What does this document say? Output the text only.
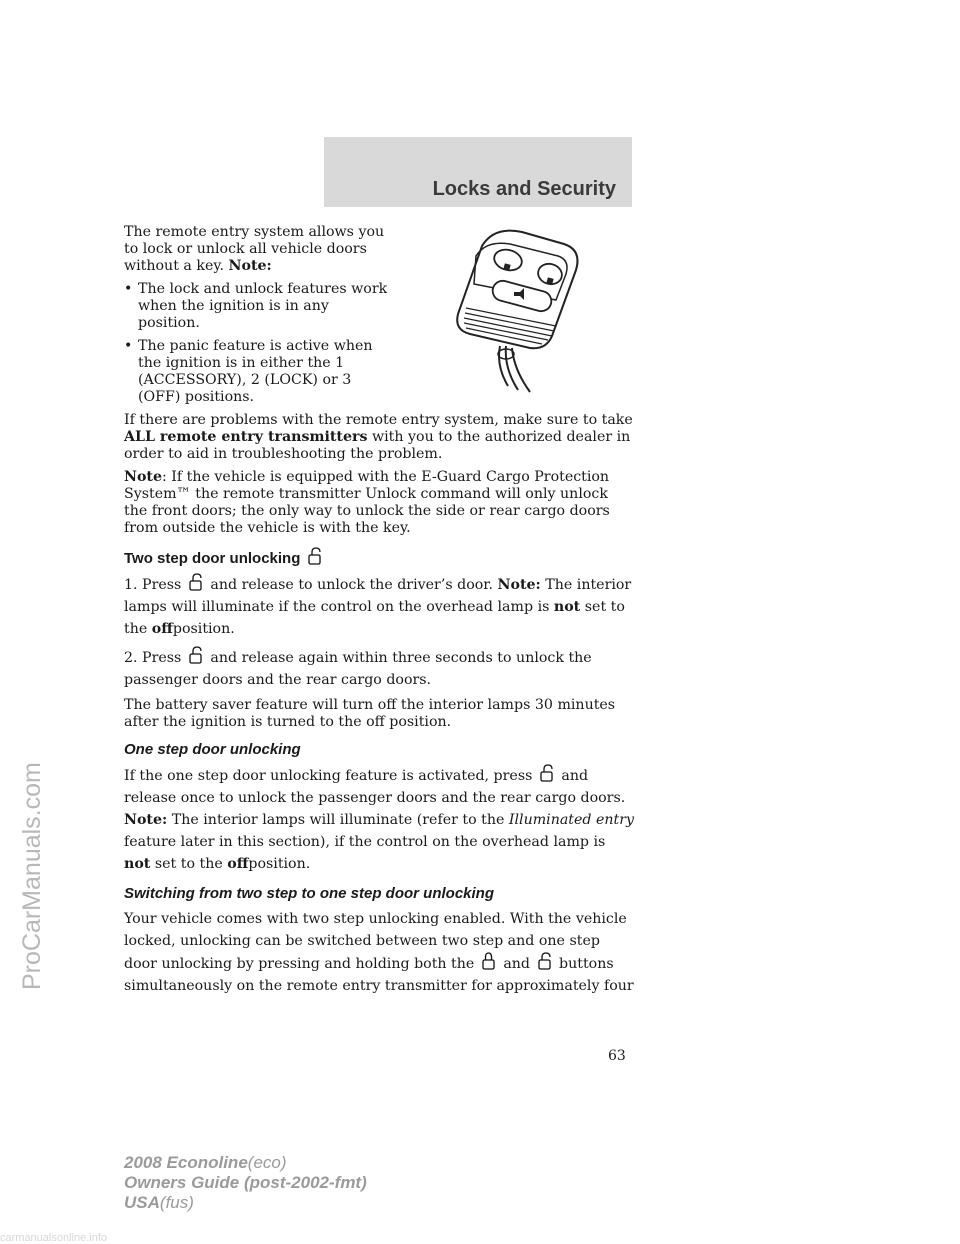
Locks and Security

The remote entry system allows you to lock or unlock all vehicle doors without a key. Note:

• The lock and unlock features work when the ignition is in any position.
• The panic feature is active when the ignition is in either the 1 (ACCESSORY), 2 (LOCK) or 3 (OFF) positions.

If there are problems with the remote entry system, make sure to take ALL remote entry transmitters with you to the authorized dealer in order to aid in troubleshooting the problem.

Note: If the vehicle is equipped with the E-Guard Cargo Protection System™ the remote transmitter Unlock command will only unlock the front doors; the only way to unlock the side or rear cargo doors from outside the vehicle is with the key.

Two step door unlocking

1. Press and release to unlock the driver’s door. Note: The interior lamps will illuminate if the control on the overhead lamp is not set to the offposition.

2. Press and release again within three seconds to unlock the passenger doors and the rear cargo doors.

The battery saver feature will turn off the interior lamps 30 minutes after the ignition is turned to the off position.

One step door unlocking

If the one step door unlocking feature is activated, press and release once to unlock the passenger doors and the rear cargo doors. Note: The interior lamps will illuminate (refer to the Illuminated entry feature later in this section), if the control on the overhead lamp is not set to the offposition.

Switching from two step to one step door unlocking

Your vehicle comes with two step unlocking enabled. With the vehicle locked, unlocking can be switched between two step and one step door unlocking by pressing and holding both the and buttons simultaneously on the remote entry transmitter for approximately four

63
2008 Econoline(eco)
Owners Guide (post-2002-fmt)
USA(fus)
ProCarManuals.com
carmanualsonline.info
